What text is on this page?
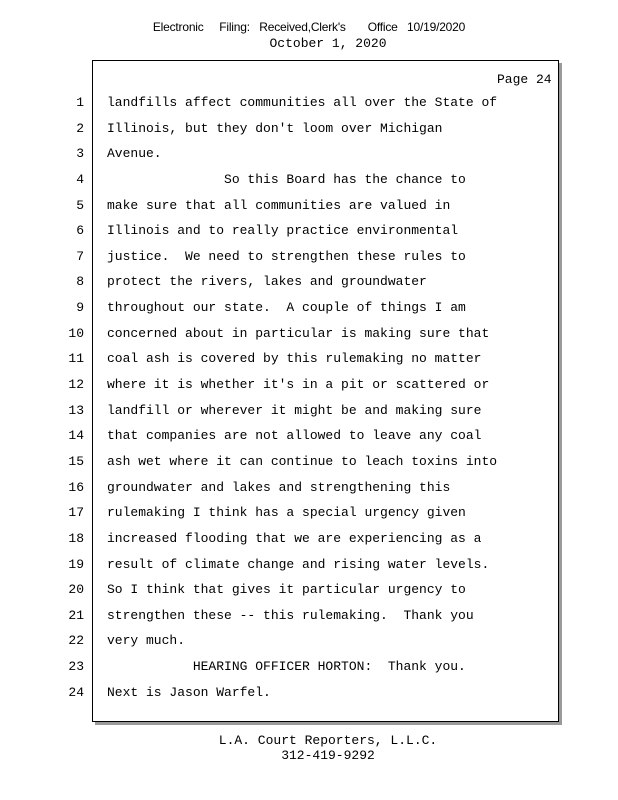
Electronic Filing: Received,Clerk's Office 10/19/2020
October 1, 2020
Page 24
1
2
3
4
5
6
7
8
9
10
11
12
13
14
15
16
17
18
19
20
21
22
23
24
landfills affect communities all over the State of
Illinois, but they don't loom over Michigan
Avenue.
So this Board has the chance to
make sure that all communities are valued in
Illinois and to really practice environmental
justice.  We need to strengthen these rules to
protect the rivers, lakes and groundwater
throughout our state.  A couple of things I am
concerned about in particular is making sure that
coal ash is covered by this rulemaking no matter
where it is whether it's in a pit or scattered or
landfill or wherever it might be and making sure
that companies are not allowed to leave any coal
ash wet where it can continue to leach toxins into
groundwater and lakes and strengthening this
rulemaking I think has a special urgency given
increased flooding that we are experiencing as a
result of climate change and rising water levels.
So I think that gives it particular urgency to
strengthen these -- this rulemaking.  Thank you
very much.
HEARING OFFICER HORTON:  Thank you.
Next is Jason Warfel.
L.A. Court Reporters, L.L.C.
312-419-9292
